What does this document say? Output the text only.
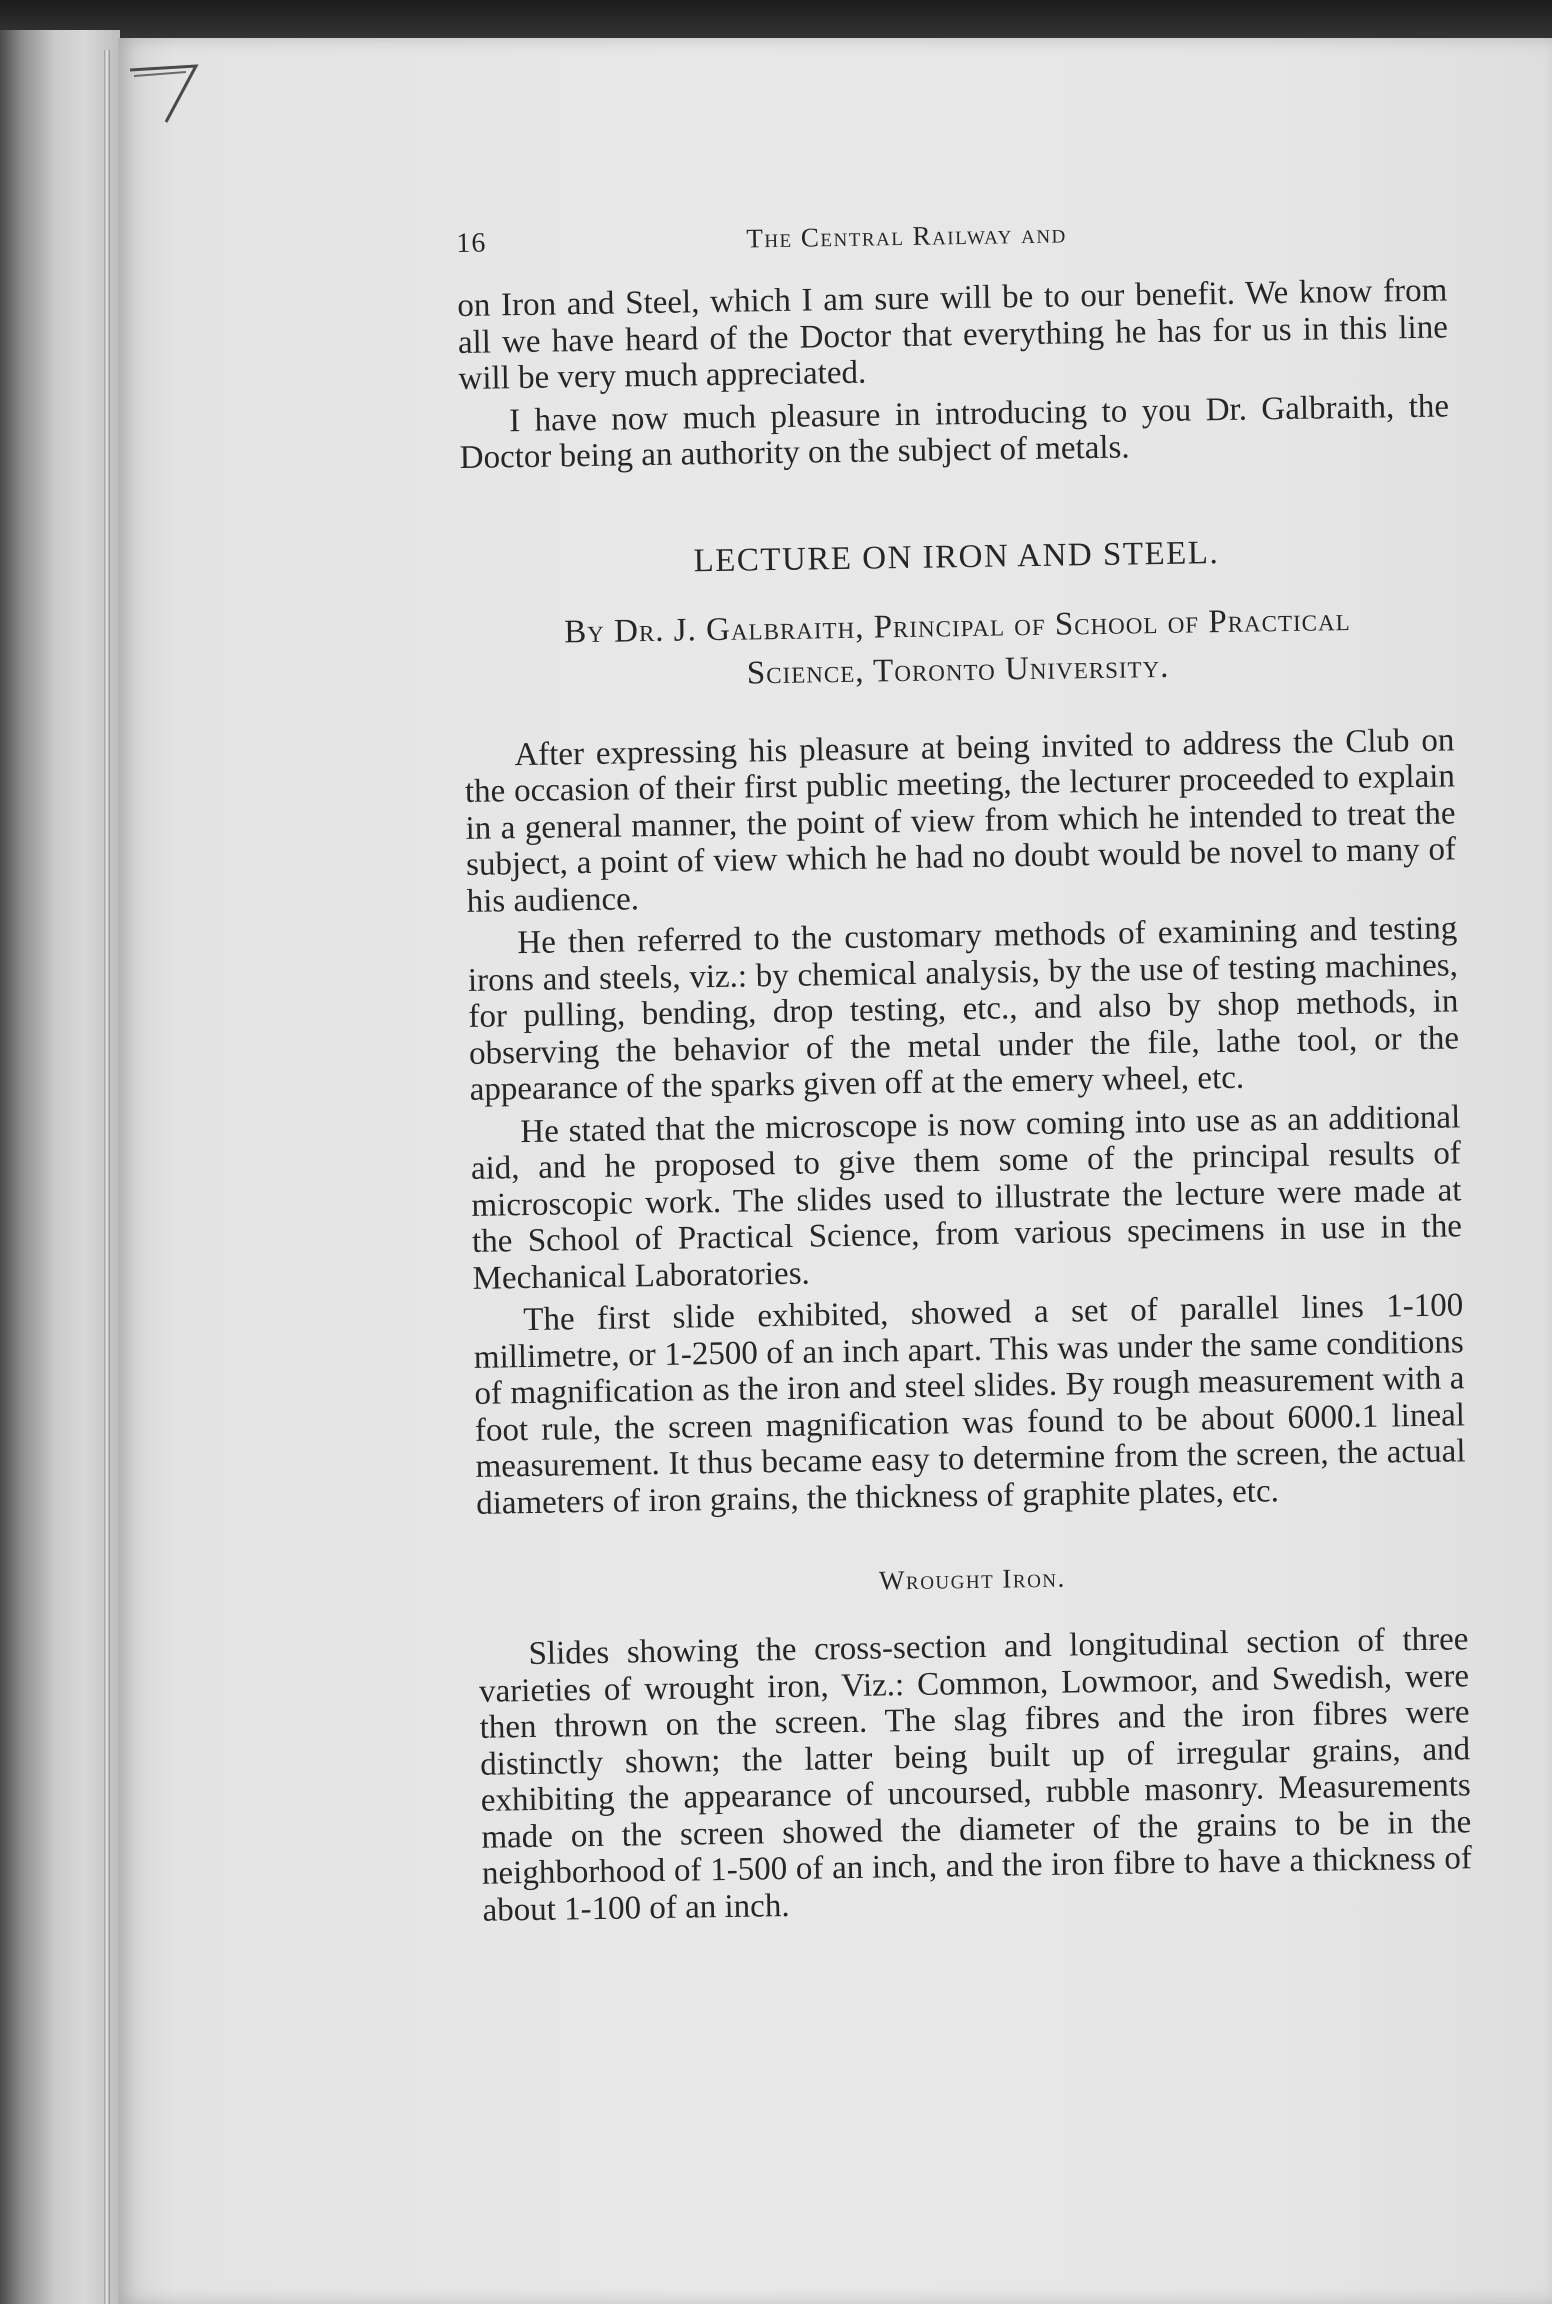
16	The Central Railway and

on Iron and Steel, which I am sure will be to our benefit. We know from all we have heard of the Doctor that everything he has for us in this line will be very much appreciated.

I have now much pleasure in introducing to you Dr. Galbraith, the Doctor being an authority on the subject of metals.

LECTURE ON IRON AND STEEL.
By Dr. J. Galbraith, Principal of School of Practical
Science, Toronto University.

After expressing his pleasure at being invited to address the Club on the occasion of their first public meeting, the lecturer proceeded to explain in a general manner, the point of view from which he intended to treat the subject, a point of view which he had no doubt would be novel to many of his audience.

He then referred to the customary methods of examining and testing irons and steels, viz.: by chemical analysis, by the use of testing machines, for pulling, bending, drop testing, etc., and also by shop methods, in observing the behavior of the metal under the file, lathe tool, or the appearance of the sparks given off at the emery wheel, etc.

He stated that the microscope is now coming into use as an additional aid, and he proposed to give them some of the principal results of microscopic work. The slides used to illustrate the lecture were made at the School of Practical Science, from various specimens in use in the Mechanical Laboratories.

The first slide exhibited, showed a set of parallel lines 1-100 millimetre, or 1-2500 of an inch apart. This was under the same conditions of magnification as the iron and steel slides. By rough measurement with a foot rule, the screen magnification was found to be about 6000.1 lineal measurement. It thus became easy to determine from the screen, the actual diameters of iron grains, the thickness of graphite plates, etc.

Wrought Iron.

Slides showing the cross-section and longitudinal section of three varieties of wrought iron, Viz.: Common, Lowmoor, and Swedish, were then thrown on the screen. The slag fibres and the iron fibres were distinctly shown; the latter being built up of irregular grains, and exhibiting the appearance of uncoursed, rubble masonry. Measurements made on the screen showed the diameter of the grains to be in the neighborhood of 1-500 of an inch, and the iron fibre to have a thickness of about 1-100 of an inch.
